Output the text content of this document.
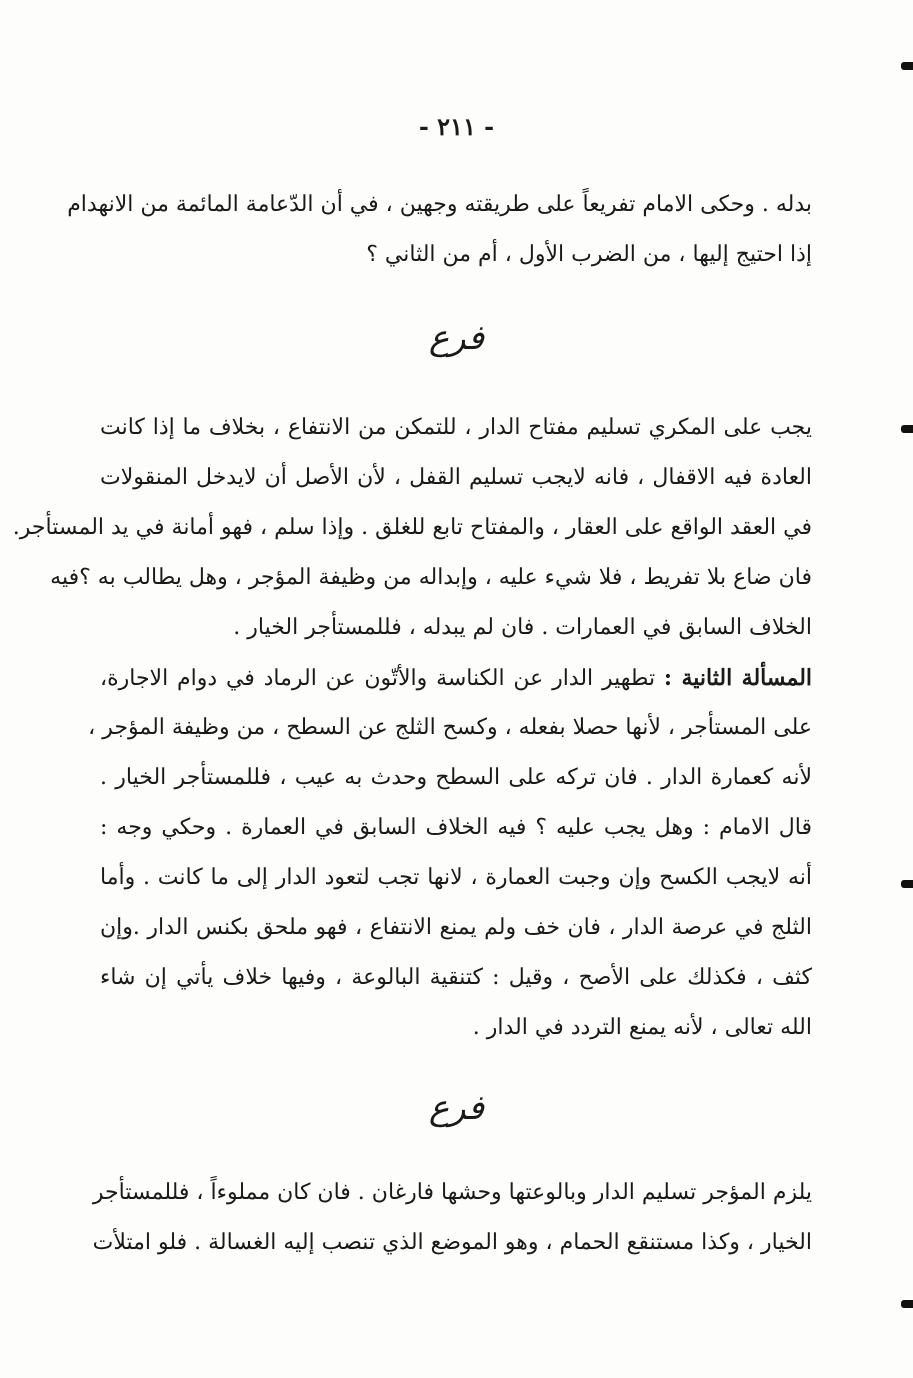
- ٢١١ -
بدله . وحكى الامام تفريعاً على طريقته وجهين ، في أن الدّعامة المائمة من الانهدام
إذا احتيج إليها ، من الضرب الأول ، أم من الثاني ؟
فرع
يجب على المكري تسليم مفتاح الدار ، للتمكن من الانتفاع ، بخلاف ما إذا كانت
العادة فيه الاقفال ، فانه لايجب تسليم القفل ، لأن الأصل أن لايدخل المنقولات
في العقد الواقع على العقار ، والمفتاح تابع للغلق . وإذا سلم ، فهو أمانة في يد المستأجر.
فان ضاع بلا تفريط ، فلا شيء عليه ، وإبداله من وظيفة المؤجر ، وهل يطالب به ؟فيه
الخلاف السابق في العمارات . فان لم يبدله ، فللمستأجر الخيار .
المسألة الثانية : تطهير الدار عن الكناسة والأتّون عن الرماد في دوام الاجارة،
على المستأجر ، لأنها حصلا بفعله ، وكسح الثلج عن السطح ، من وظيفة المؤجر ،
لأنه كعمارة الدار . فان تركه على السطح وحدث به عيب ، فللمستأجر الخيار .
قال الامام : وهل يجب عليه ؟ فيه الخلاف السابق في العمارة . وحكي وجه :
أنه لايجب الكسح وإن وجبت العمارة ، لانها تجب لتعود الدار إلى ما كانت . وأما
الثلج في عرصة الدار ، فان خف ولم يمنع الانتفاع ، فهو ملحق بكنس الدار .وإن
كثف ، فكذلك على الأصح ، وقيل : كتنقية البالوعة ، وفيها خلاف يأتي إن شاء
الله تعالى ، لأنه يمنع التردد في الدار .
فرع
يلزم المؤجر تسليم الدار وبالوعتها وحشها فارغان . فان كان مملوءاً ، فللمستأجر
الخيار ، وكذا مستنقع الحمام ، وهو الموضع الذي تنصب إليه الغسالة . فلو امتلأت
